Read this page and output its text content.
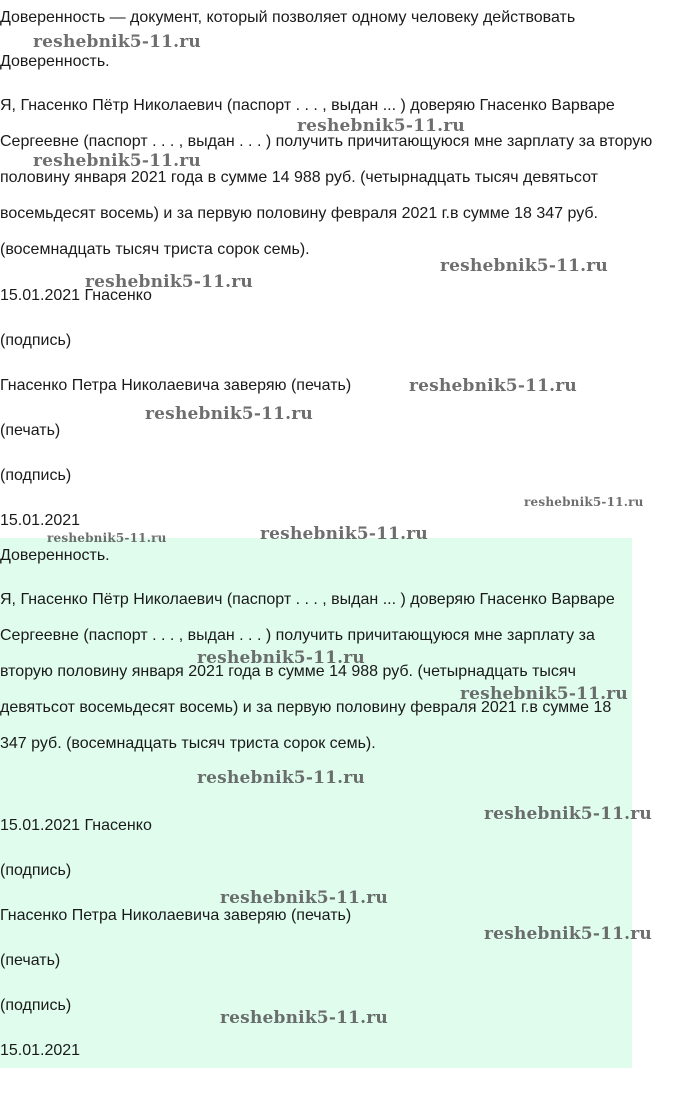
Доверенность — документ, который позволяет одному человеку действовать

Доверенность.

Я, Гнасенко Пётр Николаевич (паспорт . . . , выдан ... ) доверяю Гнасенко Варваре Сергеевне (паспорт . . . , выдан . . . ) получить причитающуюся мне зарплату за вторую половину января 2021 года в сумме 14 988 руб. (четырнадцать тысяч девятьсот восемьдесят восемь) и за первую половину февраля 2021 г.в сумме 18 347 руб. (восемнадцать тысяч триста сорок семь).

15.01.2021 Гнасенко

(подпись)

Гнасенко Петра Николаевича заверяю (печать)

(печать)

(подпись)

15.01.2021

Доверенность.

Я, Гнасенко Пётр Николаевич (паспорт . . . , выдан ... ) доверяю Гнасенко Варваре Сергеевне (паспорт . . . , выдан . . . ) получить причитающуюся мне зарплату за вторую половину января 2021 года в сумме 14 988 руб. (четырнадцать тысяч девятьсот восемьдесят восемь) и за первую половину февраля 2021 г.в сумме 18 347 руб. (восемнадцать тысяч триста сорок семь).

15.01.2021 Гнасенко

(подпись)

Гнасенко Петра Николаевича заверяю (печать)

(печать)

(подпись)

15.01.2021

reshebnik5-11.ru
reshebnik5-11.ru
reshebnik5-11.ru
reshebnik5-11.ru
reshebnik5-11.ru
reshebnik5-11.ru
reshebnik5-11.ru
reshebnik5-11.ru
reshebnik5-11.ru
reshebnik5-11.ru
reshebnik5-11.ru
reshebnik5-11.ru
reshebnik5-11.ru
reshebnik5-11.ru
reshebnik5-11.ru
reshebnik5-11.ru
reshebnik5-11.ru
